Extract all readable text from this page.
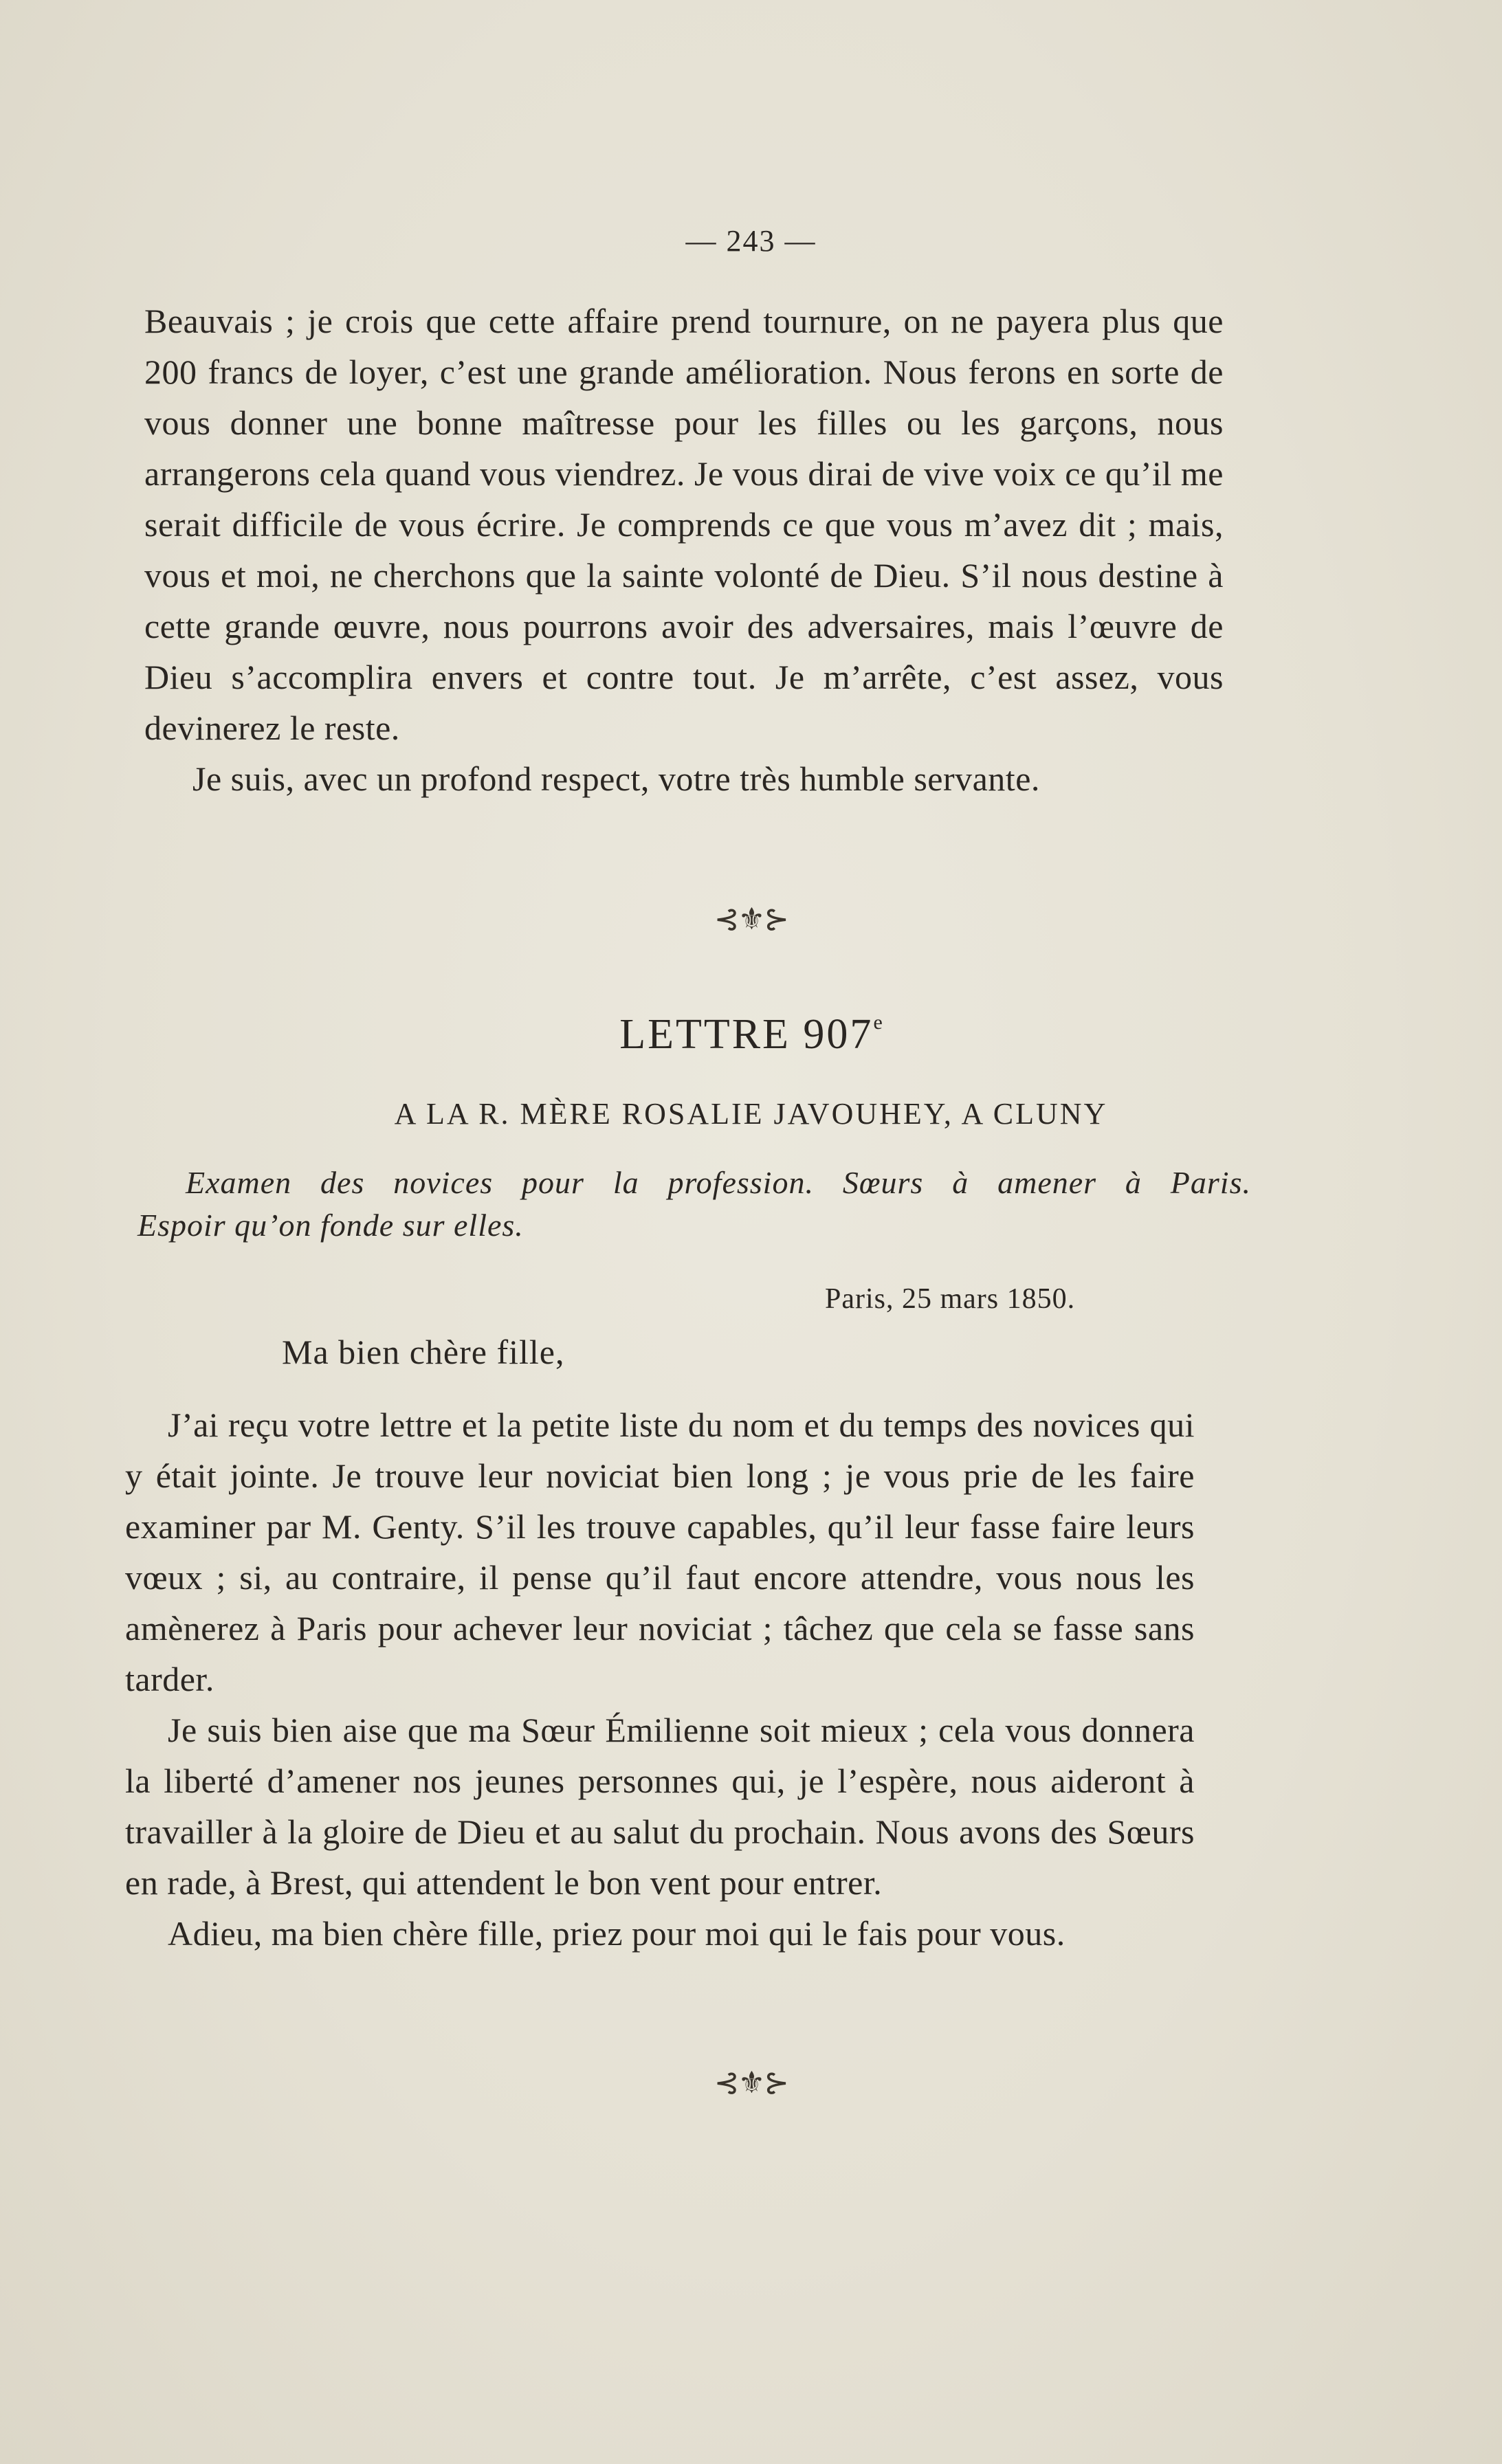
— 243 —

Beauvais ; je crois que cette affaire prend tournure, on ne payera plus que 200 francs de loyer, c’est une grande amélioration. Nous ferons en sorte de vous donner une bonne maîtresse pour les filles ou les garçons, nous arrangerons cela quand vous viendrez. Je vous dirai de vive voix ce qu’il me serait difficile de vous écrire. Je comprends ce que vous m’avez dit ; mais, vous et moi, ne cherchons que la sainte volonté de Dieu. S’il nous destine à cette grande œuvre, nous pourrons avoir des adversaires, mais l’œuvre de Dieu s’accomplira envers et contre tout. Je m’arrête, c’est assez, vous devinerez le reste.

Je suis, avec un profond respect, votre très humble servante.

⊰⚜⊱
LETTRE 907e
A LA R. MÈRE ROSALIE JAVOUHEY, A CLUNY
Examen des novices pour la profession. Sœurs à amener à Paris.
Espoir qu’on fonde sur elles.
Paris, 25 mars 1850.
Ma bien chère fille,

J’ai reçu votre lettre et la petite liste du nom et du temps des novices qui y était jointe. Je trouve leur noviciat bien long ; je vous prie de les faire examiner par M. Genty. S’il les trouve capables, qu’il leur fasse faire leurs vœux ; si, au contraire, il pense qu’il faut encore attendre, vous nous les amènerez à Paris pour achever leur noviciat ; tâchez que cela se fasse sans tarder.

Je suis bien aise que ma Sœur Émilienne soit mieux ; cela vous donnera la liberté d’amener nos jeunes personnes qui, je l’espère, nous aideront à travailler à la gloire de Dieu et au salut du prochain. Nous avons des Sœurs en rade, à Brest, qui attendent le bon vent pour entrer.

Adieu, ma bien chère fille, priez pour moi qui le fais pour vous.

⊰⚜⊱
